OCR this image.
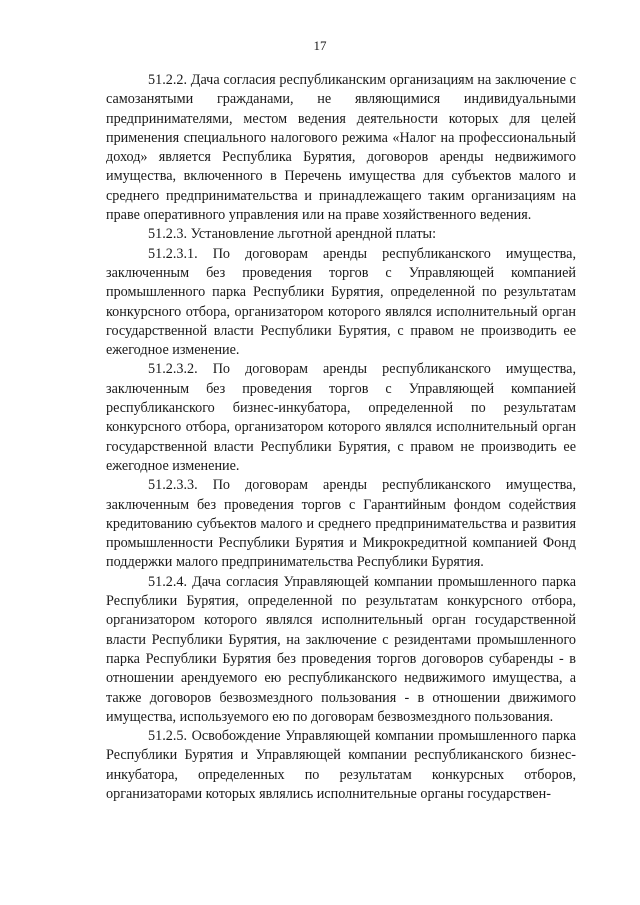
17

51.2.2. Дача согласия республиканским организациям на заключение с самозанятыми гражданами, не являющимися индивидуальными предпринимателями, местом ведения деятельности которых для целей применения специального налогового режима «Налог на профессиональный доход» является Республика Бурятия, договоров аренды недвижимого имущества, включенного в Перечень имущества для субъектов малого и среднего предпринимательства и принадлежащего таким организациям на праве оперативного управления или на праве хозяйственного ведения.

51.2.3. Установление льготной арендной платы:

51.2.3.1. По договорам аренды республиканского имущества, заключенным без проведения торгов с Управляющей компанией промышленного парка Республики Бурятия, определенной по результатам конкурсного отбора, организатором которого являлся исполнительный орган государственной власти Республики Бурятия, с правом не производить ее ежегодное изменение.

51.2.3.2. По договорам аренды республиканского имущества, заключенным без проведения торгов с Управляющей компанией республиканского бизнес-инкубатора, определенной по результатам конкурсного отбора, организатором которого являлся исполнительный орган государственной власти Республики Бурятия, с правом не производить ее ежегодное изменение.

51.2.3.3. По договорам аренды республиканского имущества, заключенным без проведения торгов с Гарантийным фондом содействия кредитованию субъектов малого и среднего предпринимательства и развития промышленности Республики Бурятия и Микрокредитной компанией Фонд поддержки малого предпринимательства Республики Бурятия.

51.2.4. Дача согласия Управляющей компании промышленного парка Республики Бурятия, определенной по результатам конкурсного отбора, организатором которого являлся исполнительный орган государственной власти Республики Бурятия, на заключение с резидентами промышленного парка Республики Бурятия без проведения торгов договоров субаренды - в отношении арендуемого ею республиканского недвижимого имущества, а также договоров безвозмездного пользования - в отношении движимого имущества, используемого ею по договорам безвозмездного пользования.

51.2.5. Освобождение Управляющей компании промышленного парка Республики Бурятия и Управляющей компании республиканского бизнес-инкубатора, определенных по результатам конкурсных отборов, организаторами которых являлись исполнительные органы государствен-
